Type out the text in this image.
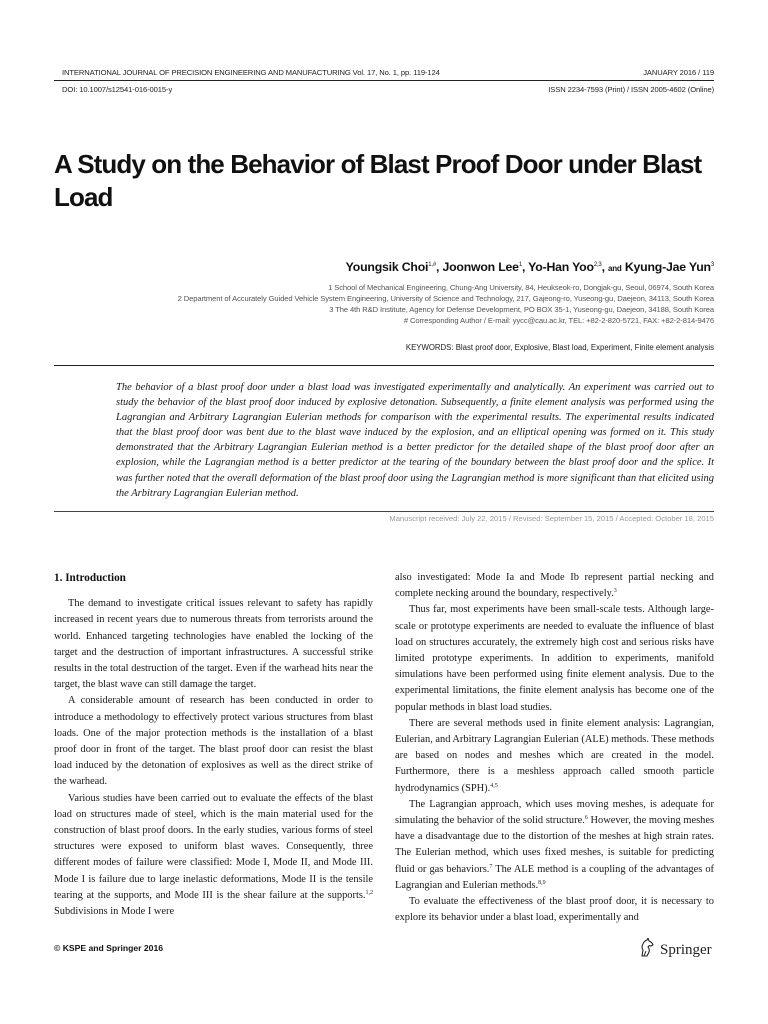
INTERNATIONAL JOURNAL OF PRECISION ENGINEERING AND MANUFACTURING Vol. 17, No. 1, pp. 119-124	JANUARY 2016 / 119
DOI: 10.1007/s12541-016-0015-y	ISSN 2234-7593 (Print) / ISSN 2005-4602 (Online)
A Study on the Behavior of Blast Proof Door under Blast Load
Youngsik Choi$^{1,\#}$, Joonwon Lee$^1$, Yo-Han Yoo$^{2,3}$, and Kyung-Jae Yun$^3$
1 School of Mechanical Engineering, Chung-Ang University, 84, Heukseok-ro, Dongjak-gu, Seoul, 06974, South Korea
2 Department of Accurately Guided Vehicle System Engineering, University of Science and Technology, 217, Gajeong-ro, Yuseong-gu, Daejeon, 34113, South Korea
3 The 4th R&D Institute, Agency for Defense Development, PO BOX 35-1, Yuseong-gu, Daejeon, 34188, South Korea
# Corresponding Author / E-mail: yycc@cau.ac.kr, TEL: +82-2-820-5721, FAX: +82-2-814-9476
KEYWORDS: Blast proof door, Explosive, Blast load, Experiment, Finite element analysis
The behavior of a blast proof door under a blast load was investigated experimentally and analytically. An experiment was carried out to study the behavior of the blast proof door induced by explosive detonation. Subsequently, a finite element analysis was performed using the Lagrangian and Arbitrary Lagrangian Eulerian methods for comparison with the experimental results. The experimental results indicated that the blast proof door was bent due to the blast wave induced by the explosion, and an elliptical opening was formed on it. This study demonstrated that the Arbitrary Lagrangian Eulerian method is a better predictor for the detailed shape of the blast proof door after an explosion, while the Lagrangian method is a better predictor at the tearing of the boundary between the blast proof door and the splice. It was further noted that the overall deformation of the blast proof door using the Lagrangian method is more significant than that elicited using the Arbitrary Lagrangian Eulerian method.
Manuscript received: July 22, 2015 / Revised: September 15, 2015 / Accepted: October 18, 2015
1. Introduction

The demand to investigate critical issues relevant to safety has rapidly increased in recent years due to numerous threats from terrorists around the world. Enhanced targeting technologies have enabled the locking of the target and the destruction of important infrastructures. A successful strike results in the total destruction of the target. Even if the warhead hits near the target, the blast wave can still damage the target.

A considerable amount of research has been conducted in order to introduce a methodology to effectively protect various structures from blast loads. One of the major protection methods is the installation of a blast proof door in front of the target. The blast proof door can resist the blast load induced by the detonation of explosives as well as the direct strike of the warhead.

Various studies have been carried out to evaluate the effects of the blast load on structures made of steel, which is the main material used for the construction of blast proof doors. In the early studies, various forms of steel structures were exposed to uniform blast waves. Consequently, three different modes of failure were classified: Mode I, Mode II, and Mode III. Mode I is failure due to large inelastic deformations, Mode II is the tensile tearing at the supports, and Mode III is the shear failure at the supports.$^{1,2}$ Subdivisions in Mode I were

also investigated: Mode Ia and Mode Ib represent partial necking and complete necking around the boundary, respectively.$^3$

Thus far, most experiments have been small-scale tests. Although large-scale or prototype experiments are needed to evaluate the influence of blast load on structures accurately, the extremely high cost and serious risks have limited prototype experiments. In addition to experiments, manifold simulations have been performed using finite element analysis. Due to the experimental limitations, the finite element analysis has become one of the popular methods in blast load studies.

There are several methods used in finite element analysis: Lagrangian, Eulerian, and Arbitrary Lagrangian Eulerian (ALE) methods. These methods are based on nodes and meshes which are created in the model. Furthermore, there is a meshless approach called smooth particle hydrodynamics (SPH).$^{4,5}$

The Lagrangian approach, which uses moving meshes, is adequate for simulating the behavior of the solid structure.$^6$ However, the moving meshes have a disadvantage due to the distortion of the meshes at high strain rates. The Eulerian method, which uses fixed meshes, is suitable for predicting fluid or gas behaviors.$^7$ The ALE method is a coupling of the advantages of Lagrangian and Eulerian methods.$^{8,9}$

To evaluate the effectiveness of the blast proof door, it is necessary to explore its behavior under a blast load, experimentally and

© KSPE and Springer 2016	Springer
